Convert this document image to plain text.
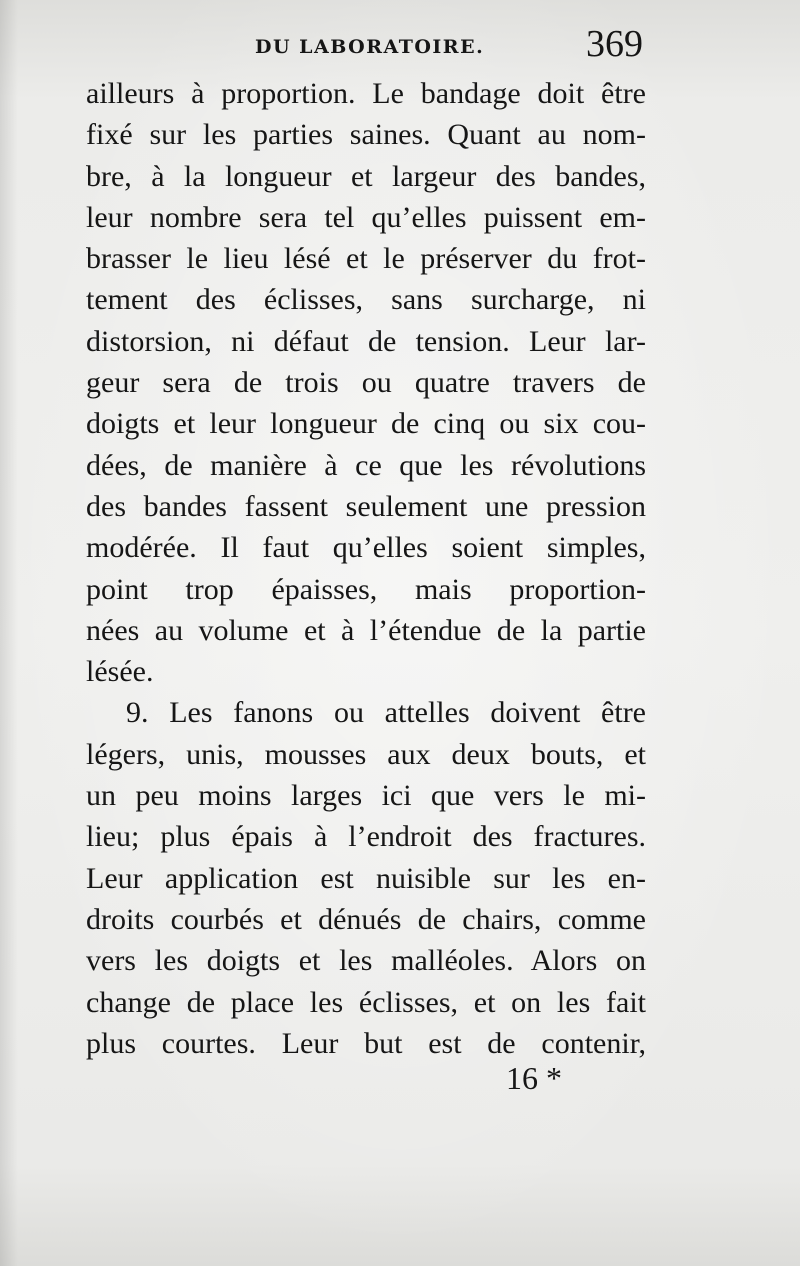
DU LABORATOIRE.	369
ailleurs à proportion. Le bandage doit être
fixé sur les parties saines. Quant au nom-
bre, à la longueur et largeur des bandes,
leur nombre sera tel qu’elles puissent em-
brasser le lieu lésé et le préserver du frot-
tement des éclisses, sans surcharge, ni
distorsion, ni défaut de tension. Leur lar-
geur sera de trois ou quatre travers de
doigts et leur longueur de cinq ou six cou-
dées, de manière à ce que les révolutions
des bandes fassent seulement une pression
modérée. Il faut qu’elles soient simples,
point trop épaisses, mais proportion-
nées au volume et à l’étendue de la partie
lésée.
9. Les fanons ou attelles doivent être
légers, unis, mousses aux deux bouts, et
un peu moins larges ici que vers le mi-
lieu; plus épais à l’endroit des fractures.
Leur application est nuisible sur les en-
droits courbés et dénués de chairs, comme
vers les doigts et les malléoles. Alors on
change de place les éclisses, et on les fait
plus courtes. Leur but est de contenir,
16 *
